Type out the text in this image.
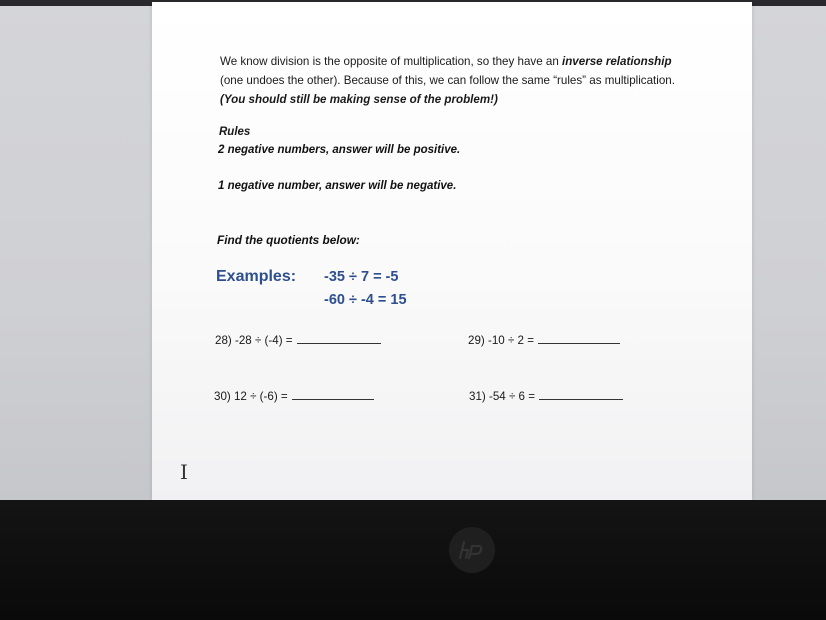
We know division is the opposite of multiplication, so they have an inverse relationship (one undoes the other). Because of this, we can follow the same “rules” as multiplication. (You should still be making sense of the problem!)
Rules
2 negative numbers, answer will be positive.
1 negative number, answer will be negative.
Find the quotients below:
Examples: -35 ÷ 7 = -5
-60 ÷ -4 = 15
28) -28 ÷ (-4) =	29) -10 ÷ 2 =
30) 12 ÷ (-6) =	31) -54 ÷ 6 =
I
